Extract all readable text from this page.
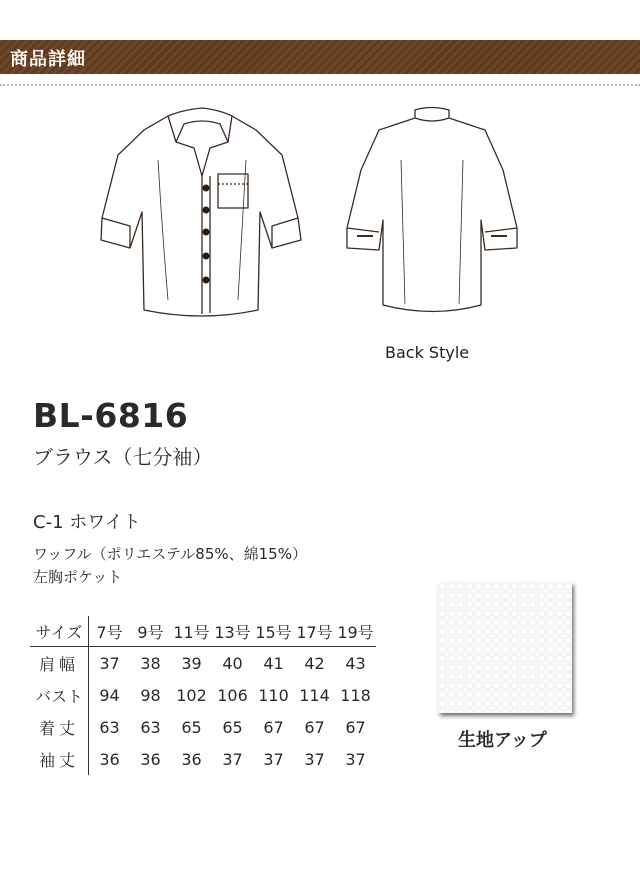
商品詳細
Back Style
BL-6816
ブラウス（七分袖）
C-1 ホワイト
ワッフル（ポリエステル85%、綿15%）
左胸ポケット
サイズ	7号	9号	11号	13号	15号	17号	19号
肩幅	37	38	39	40	41	42	43
バスト	94	98	102	106	110	114	118
着丈	63	63	65	65	67	67	67
袖丈	36	36	36	37	37	37	37
生地アップ
